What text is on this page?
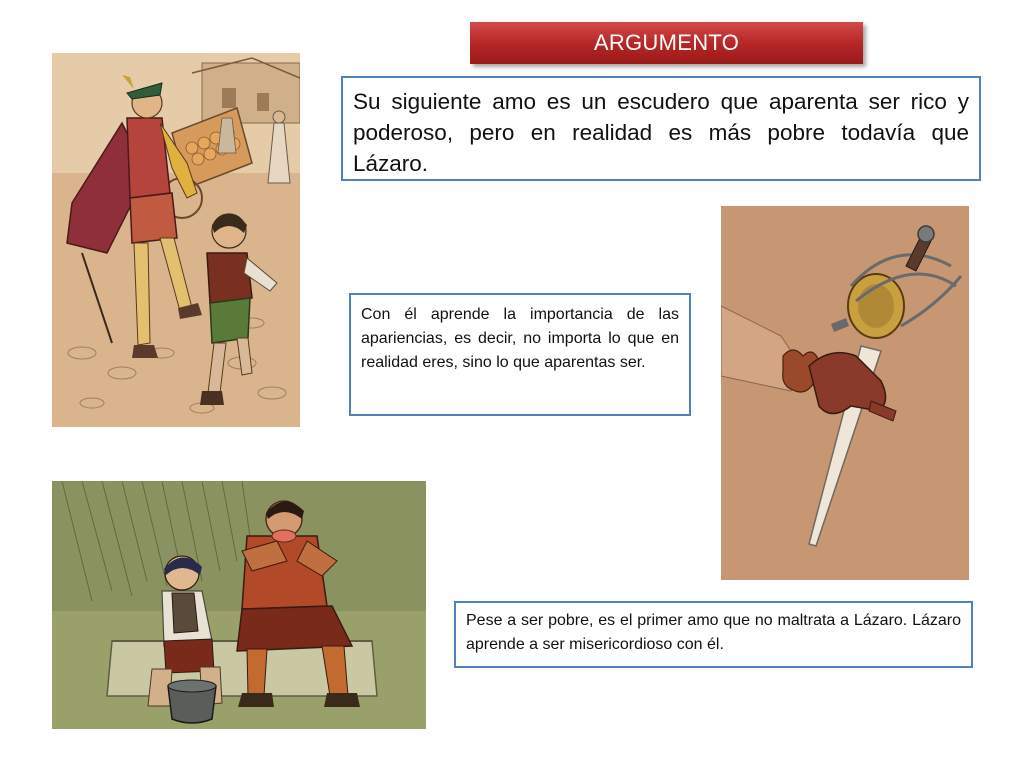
ARGUMENTO
Su siguiente amo es un escudero que aparenta ser rico y poderoso, pero en realidad es más pobre todavía que Lázaro.
Con él aprende la importancia de las apariencias, es decir, no importa lo que en realidad eres, sino lo que aparentas ser.
Pese a ser pobre, es el primer amo que no maltrata a Lázaro. Lázaro aprende a ser misericordioso con él.
